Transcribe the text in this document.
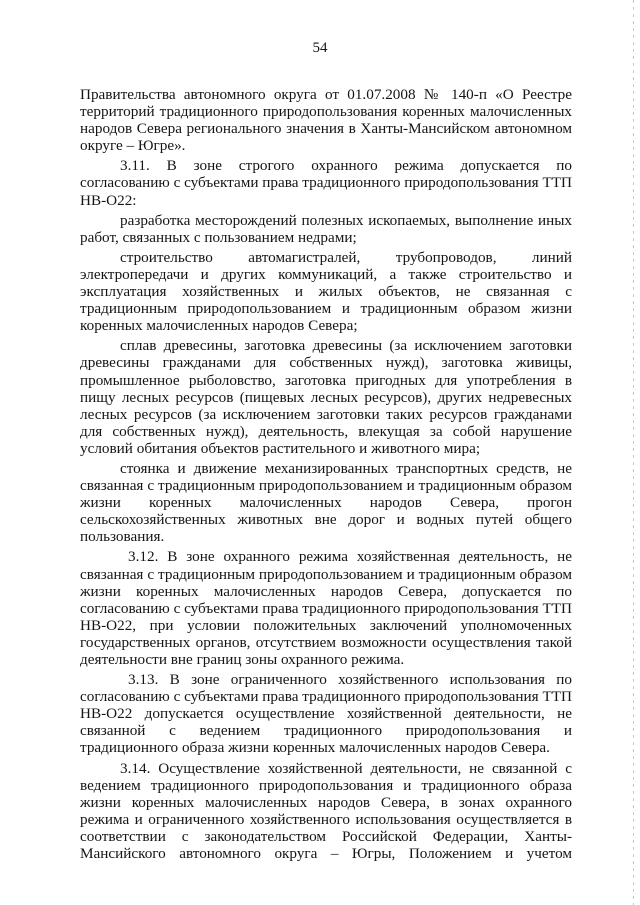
54

Правительства автономного округа от 01.07.2008 № 140-п «О Реестре территорий традиционного природопользования коренных малочисленных народов Севера регионального значения в Ханты-Мансийском автономном округе – Югре».

3.11. В зоне строгого охранного режима допускается по согласованию с субъектами права традиционного природопользования ТТП НВ-О22:

разработка месторождений полезных ископаемых, выполнение иных работ, связанных с пользованием недрами;

строительство автомагистралей, трубопроводов, линий электропередачи и других коммуникаций, а также строительство и эксплуатация хозяйственных и жилых объектов, не связанная с традиционным природопользованием и традиционным образом жизни коренных малочисленных народов Севера;

сплав древесины, заготовка древесины (за исключением заготовки древесины гражданами для собственных нужд), заготовка живицы, промышленное рыболовство, заготовка пригодных для употребления в пищу лесных ресурсов (пищевых лесных ресурсов), других недревесных лесных ресурсов (за исключением заготовки таких ресурсов гражданами для собственных нужд), деятельность, влекущая за собой нарушение условий обитания объектов растительного и животного мира;

стоянка и движение механизированных транспортных средств, не связанная с традиционным природопользованием и традиционным образом жизни коренных малочисленных народов Севера, прогон сельскохозяйственных животных вне дорог и водных путей общего пользования.

3.12. В зоне охранного режима хозяйственная деятельность, не связанная с традиционным природопользованием и традиционным образом жизни коренных малочисленных народов Севера, допускается по согласованию с субъектами права традиционного природопользования ТТП НВ-О22, при условии положительных заключений уполномоченных государственных органов, отсутствием возможности осуществления такой деятельности вне границ зоны охранного режима.

3.13. В зоне ограниченного хозяйственного использования по согласованию с субъектами права традиционного природопользования ТТП НВ-О22 допускается осуществление хозяйственной деятельности, не связанной с ведением традиционного природопользования и традиционного образа жизни коренных малочисленных народов Севера.

3.14. Осуществление хозяйственной деятельности, не связанной с ведением традиционного природопользования и традиционного образа жизни коренных малочисленных народов Севера, в зонах охранного режима и ограниченного хозяйственного использования осуществляется в соответствии с законодательством Российской Федерации, Ханты-Мансийского автономного округа – Югры, Положением и учетом
